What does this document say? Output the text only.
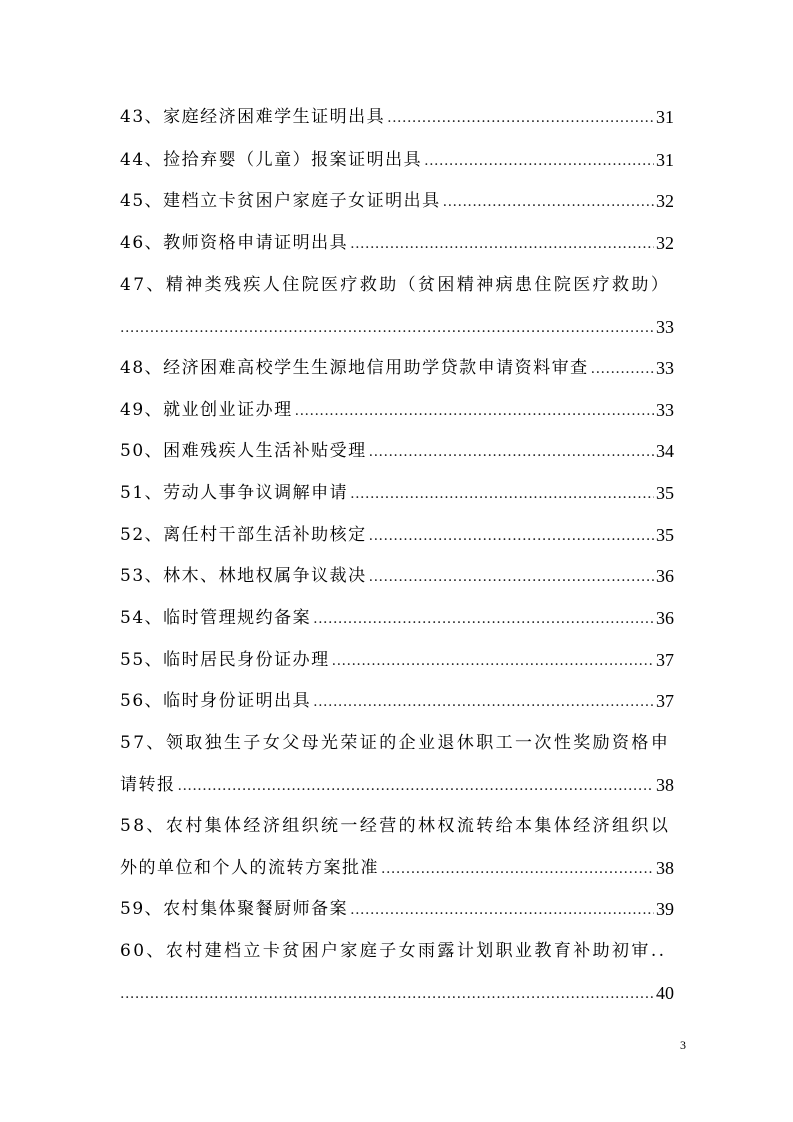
43、家庭经济困难学生证明出具 .....	31
44、捡拾弃婴（儿童）报案证明出具 .....	31
45、建档立卡贫困户家庭子女证明出具 .....	32
46、教师资格申请证明出具 .....	32
47、精神类残疾人住院医疗救助（贫困精神病患住院医疗救助）
.....
33
48、经济困难高校学生生源地信用助学贷款申请资料审查 .....	33
49、就业创业证办理 .....	33
50、困难残疾人生活补贴受理 .....	34
51、劳动人事争议调解申请 .....	35
52、离任村干部生活补助核定 .....	35
53、林木、林地权属争议裁决 .....	36
54、临时管理规约备案 .....	36
55、临时居民身份证办理 .....	37
56、临时身份证明出具 .....	37
57、领取独生子女父母光荣证的企业退休职工一次性奖励资格申
请转报 .....	38
58、农村集体经济组织统一经营的林权流转给本集体经济组织以
外的单位和个人的流转方案批准 .....	38
59、农村集体聚餐厨师备案 .....	39
60、农村建档立卡贫困户家庭子女雨露计划职业教育补助初审..
.....
40
3
